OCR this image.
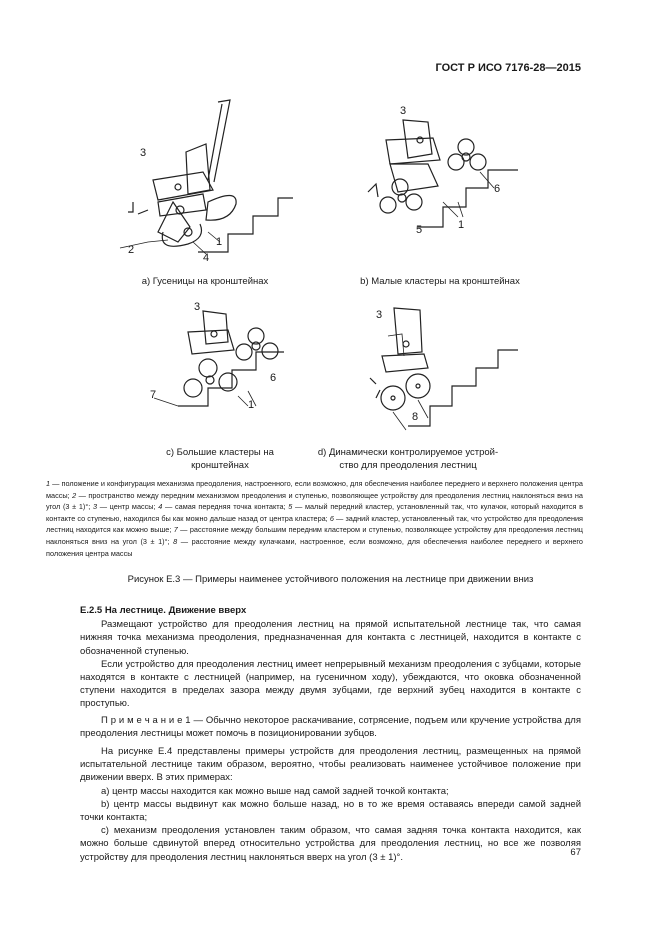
ГОСТ Р ИСО 7176-28—2015
3
2
4
1
a) Гусеницы на кронштейнах
3
6
5	1
b) Малые кластеры на кронштейнах
3
6
7
1
с) Большие кластеры на
кронштейнах
3
8
d) Динамически контролируемое устрой-
ство для преодоления лестниц
1 — положение и конфигурация механизма преодоления, настроенного, если возможно, для обеспечения наиболее переднего и верхнего положения центра массы; 2 — пространство между передним механизмом преодоления и ступенью, позволяющее устройству для преодоления лестниц наклоняться вниз на угол (3 ± 1)°; 3 — центр массы; 4 — самая передняя точка контакта; 5 — малый передний кластер, установленный так, что кулачок, который находится в контакте со ступенью, находился бы как можно дальше назад от центра кластера; 6 — задний кластер, установленный так, что устройство для преодоления лестниц находится как можно выше; 7 — расстояние между большим передним кластером и ступенью, позволяющее устройству для преодоления лестниц наклоняться вниз на угол (3 ± 1)°; 8 — расстояние между кулачками, настроенное, если возможно, для обеспечения наиболее переднего и верхнего положения центра массы
Рисунок Е.3 — Примеры наименее устойчивого положения на лестнице при движении вниз
Е.2.5 На лестнице. Движение вверх

Размещают устройство для преодоления лестниц на прямой испытательной лестнице так, что самая нижняя точка механизма преодоления, предназначенная для контакта с лестницей, находится в контакте с обозначенной ступенью.

Если устройство для преодоления лестниц имеет непрерывный механизм преодоления с зубцами, которые находятся в контакте с лестницей (например, на гусеничном ходу), убеждаются, что оковка обозначенной ступени находится в пределах зазора между двумя зубцами, где верхний зубец находится в контакте с проступью.

П р и м е ч а н и е 1 — Обычно некоторое раскачивание, сотрясение, подъем или кручение устройства для преодоления лестницы может помочь в позиционировании зубцов.

На рисунке Е.4 представлены примеры устройств для преодоления лестниц, размещенных на прямой испытательной лестнице таким образом, вероятно, чтобы реализовать наименее устойчивое положение при движении вверх. В этих примерах:

a) центр массы находится как можно выше над самой задней точкой контакта;

b) центр массы выдвинут как можно больше назад, но в то же время оставаясь впереди самой задней точки контакта;

c) механизм преодоления установлен таким образом, что самая задняя точка контакта находится, как можно больше сдвинутой вперед относительно устройства для преодоления лестниц, но все же позволяя устройству для преодоления лестниц наклоняться вверх на угол (3 ± 1)°.	67
